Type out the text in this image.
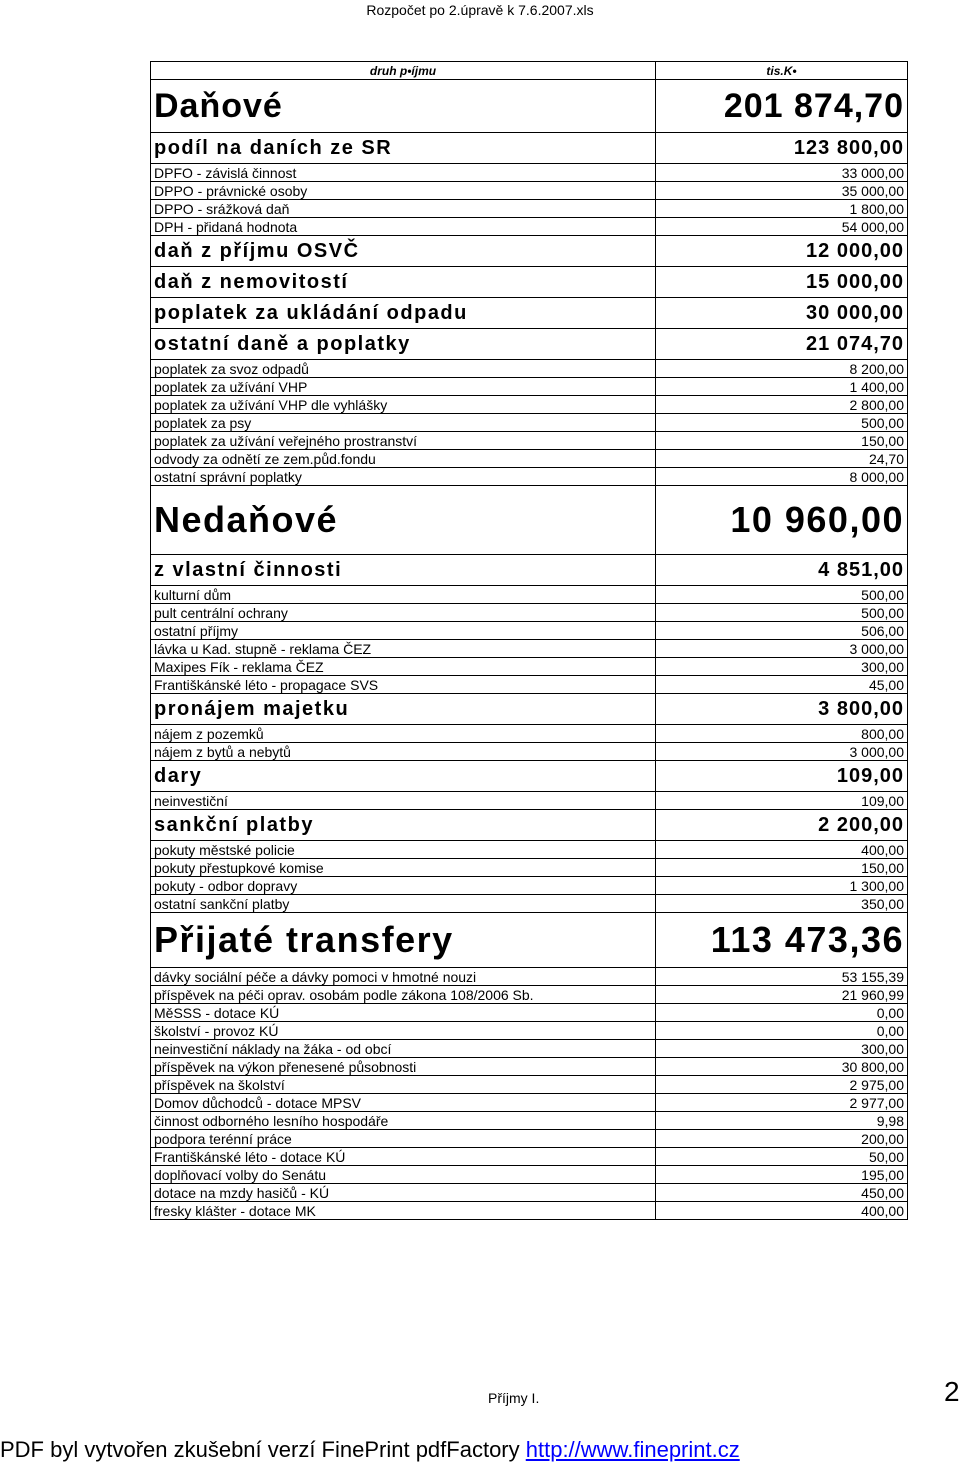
Rozpočet po 2.úpravě k 7.6.2007.xls
druh p•íjmu	tis.K•
Daňové	201 874,70
podíl na daních ze SR	123 800,00
DPFO - závislá činnost	33 000,00
DPPO - právnické osoby	35 000,00
DPPO - srážková daň	1 800,00
DPH - přidaná hodnota	54 000,00
daň z příjmu OSVČ	12 000,00
daň z nemovitostí	15 000,00
poplatek za ukládání odpadu	30 000,00
ostatní daně a poplatky	21 074,70
poplatek za svoz odpadů	8 200,00
poplatek za užívání VHP	1 400,00
poplatek za užívání VHP dle vyhlášky	2 800,00
poplatek za psy	500,00
poplatek za užívání veřejného prostranství	150,00
odvody za odnětí ze zem.půd.fondu	24,70
ostatní správní poplatky	8 000,00
Nedaňové	10 960,00
z vlastní činnosti	4 851,00
kulturní dům	500,00
pult centrální ochrany	500,00
ostatní příjmy	506,00
lávka u Kad. stupně - reklama ČEZ	3 000,00
Maxipes Fík - reklama ČEZ	300,00
Františkánské léto - propagace SVS	45,00
pronájem majetku	3 800,00
nájem z pozemků	800,00
nájem z bytů a nebytů	3 000,00
dary	109,00
neinvestiční	109,00
sankční platby	2 200,00
pokuty městské policie	400,00
pokuty přestupkové komise	150,00
pokuty - odbor dopravy	1 300,00
ostatní sankční platby	350,00
Přijaté transfery	113 473,36
dávky sociální péče a dávky pomoci v hmotné nouzi	53 155,39
příspěvek na péči oprav. osobám podle zákona 108/2006 Sb.	21 960,99
MěSSS - dotace KÚ	0,00
školství - provoz KÚ	0,00
neinvestiční náklady na žáka - od obcí	300,00
příspěvek na výkon přenesené působnosti	30 800,00
příspěvek na školství	2 975,00
Domov důchodců - dotace MPSV	2 977,00
činnost odborného lesního hospodáře	9,98
podpora terénní práce	200,00
Františkánské léto - dotace KÚ	50,00
doplňovací volby do Senátu	195,00
dotace na mzdy hasičů - KÚ	450,00
fresky klášter - dotace MK	400,00
Příjmy I.	2
PDF byl vytvořen zkušební verzí FinePrint pdfFactory http://www.fineprint.cz
